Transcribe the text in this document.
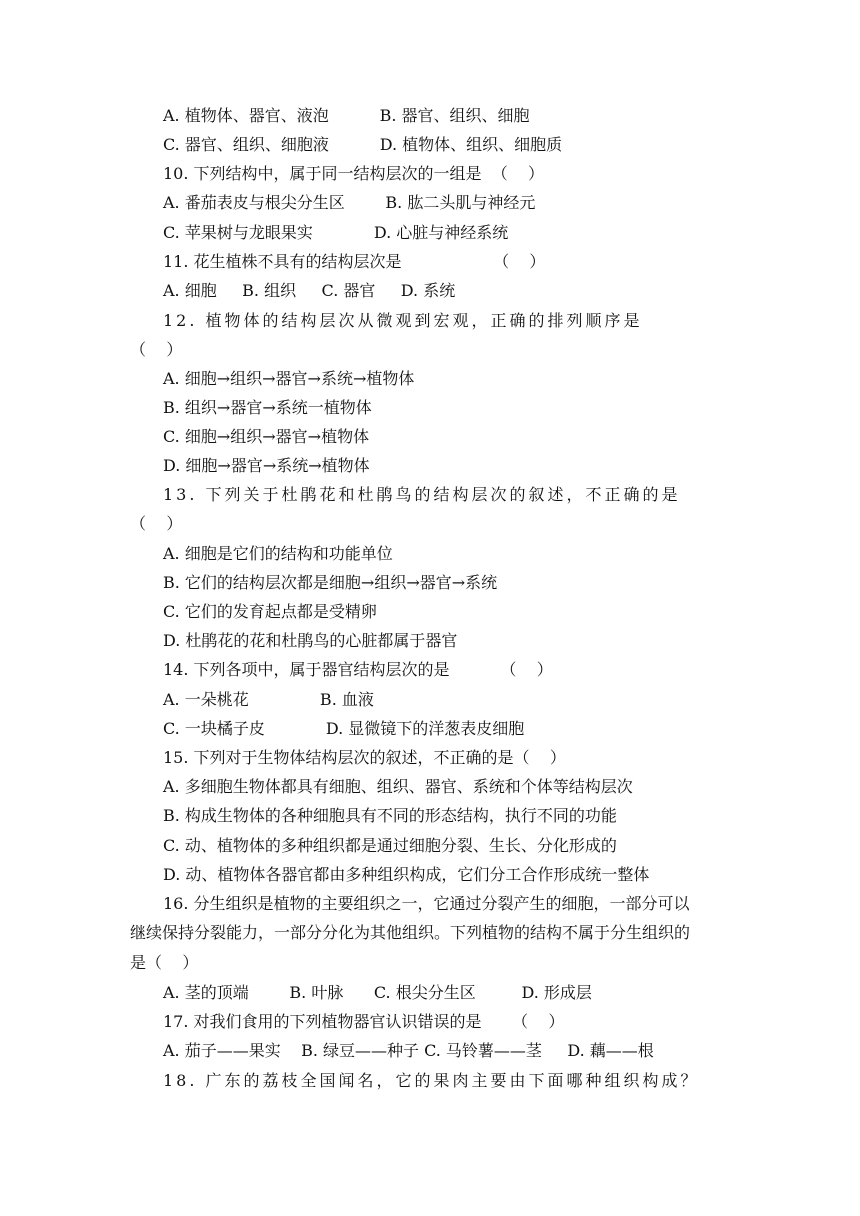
A. 植物体、器官、液泡          B. 器官、组织、细胞
C. 器官、组织、细胞液          D. 植物体、组织、细胞质
10. 下列结构中，属于同一结构层次的一组是  （    ）
A. 番茄表皮与根尖分生区        B. 肱二头肌与神经元
C. 苹果树与龙眼果实            D. 心脏与神经系统
11. 花生植株不具有的结构层次是                  （    ）
A. 细胞     B. 组织     C. 器官     D. 系统
12. 植物体的结构层次从微观到宏观，正确的排列顺序是
（    ）
A. 细胞→组织→器官→系统→植物体
B. 组织→器官→系统一植物体
C. 细胞→组织→器官→植物体
D. 细胞→器官→系统→植物体
13. 下列关于杜鹃花和杜鹃鸟的结构层次的叙述，不正确的是
（    ）
A. 细胞是它们的结构和功能单位
B. 它们的结构层次都是细胞→组织→器官→系统
C. 它们的发育起点都是受精卵
D. 杜鹃花的花和杜鹃鸟的心脏都属于器官
14. 下列各项中，属于器官结构层次的是          （    ）
A. 一朵桃花              B. 血液
C. 一块橘子皮            D. 显微镜下的洋葱表皮细胞
15. 下列对于生物体结构层次的叙述，不正确的是（    ）
A. 多细胞生物体都具有细胞、组织、器官、系统和个体等结构层次
B. 构成生物体的各种细胞具有不同的形态结构，执行不同的功能
C. 动、植物体的多种组织都是通过细胞分裂、生长、分化形成的
D. 动、植物体各器官都由多种组织构成，它们分工合作形成统一整体
16. 分生组织是植物的主要组织之一，它通过分裂产生的细胞，一部分可以
继续保持分裂能力，一部分分化为其他组织。下列植物的结构不属于分生组织的
是（    ）
A. 茎的顶端        B. 叶脉      C. 根尖分生区         D. 形成层
17. 对我们食用的下列植物器官认识错误的是      （    ）
A. 茄子——果实    B. 绿豆——种子 C. 马铃薯——茎     D. 藕——根
18. 广东的荔枝全国闻名，它的果肉主要由下面哪种组织构成？
